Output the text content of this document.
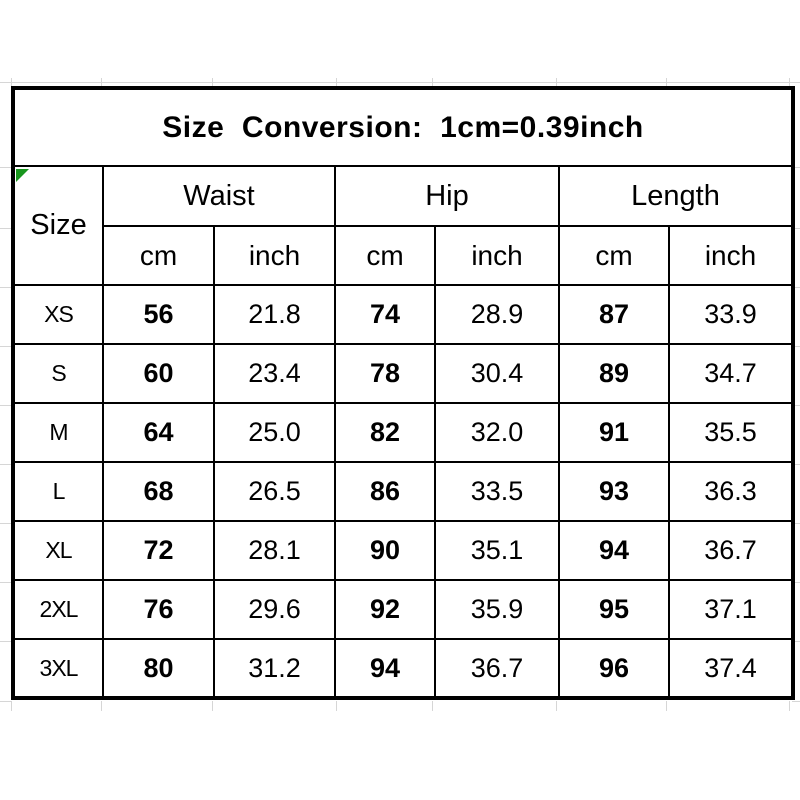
Size  Conversion:  1cm=0.39inch						
Size	Waist		Hip		Length	
	cm	inch	cm	inch	cm	inch
XS	56	21.8	74	28.9	87	33.9
S	60	23.4	78	30.4	89	34.7
M	64	25.0	82	32.0	91	35.5
L	68	26.5	86	33.5	93	36.3
XL	72	28.1	90	35.1	94	36.7
2XL	76	29.6	92	35.9	95	37.1
3XL	80	31.2	94	36.7	96	37.4
